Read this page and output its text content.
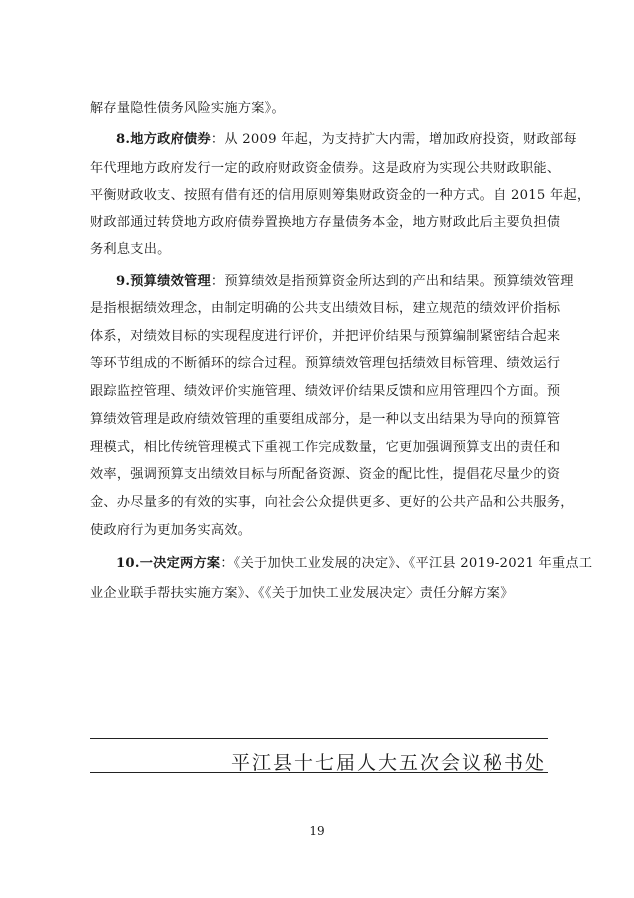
解存量隐性债务风险实施方案》。
8.地方政府债券：从 2009 年起，为支持扩大内需，增加政府投资，财政部每
年代理地方政府发行一定的政府财政资金债券。这是政府为实现公共财政职能、
平衡财政收支、按照有借有还的信用原则筹集财政资金的一种方式。自 2015 年起，
财政部通过转贷地方政府债券置换地方存量债务本金，地方财政此后主要负担债
务利息支出。
9.预算绩效管理：预算绩效是指预算资金所达到的产出和结果。预算绩效管理
是指根据绩效理念，由制定明确的公共支出绩效目标，建立规范的绩效评价指标
体系，对绩效目标的实现程度进行评价，并把评价结果与预算编制紧密结合起来
等环节组成的不断循环的综合过程。预算绩效管理包括绩效目标管理、绩效运行
跟踪监控管理、绩效评价实施管理、绩效评价结果反馈和应用管理四个方面。预
算绩效管理是政府绩效管理的重要组成部分，是一种以支出结果为导向的预算管
理模式，相比传统管理模式下重视工作完成数量，它更加强调预算支出的责任和
效率，强调预算支出绩效目标与所配备资源、资金的配比性，提倡花尽量少的资
金、办尽量多的有效的实事，向社会公众提供更多、更好的公共产品和公共服务，
使政府行为更加务实高效。
10.一决定两方案：《关于加快工业发展的决定》、《平江县 2019-2021 年重点工
业企业联手帮扶实施方案》、《《关于加快工业发展决定〉责任分解方案》
平江县十七届人大五次会议秘书处
19
